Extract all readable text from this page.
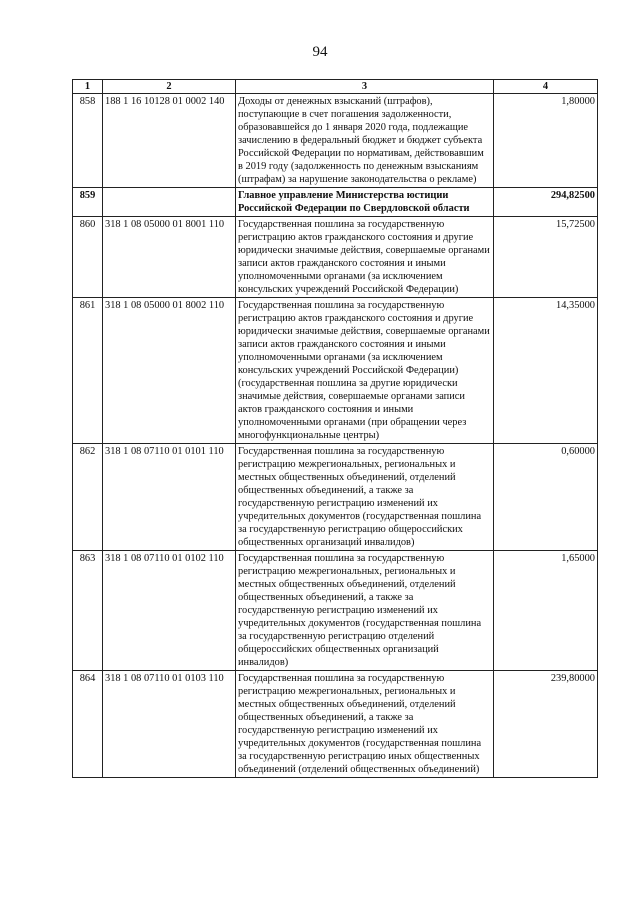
94
1	2	3	4
858	188 1 16 10128 01 0002 140	Доходы от денежных взысканий (штрафов), поступающие в счет погашения задолженности, образовавшейся до 1 января 2020 года, подлежащие зачислению в федеральный бюджет и бюджет субъекта Российской Федерации по нормативам, действовавшим в 2019 году (задолженность по денежным взысканиям (штрафам) за нарушение законодательства о рекламе)	1,80000
859		Главное управление Министерства юстиции Российской Федерации по Свердловской области	294,82500
860	318 1 08 05000 01 8001 110	Государственная пошлина за государственную регистрацию актов гражданского состояния и другие юридически значимые действия, совершаемые органами записи актов гражданского состояния и иными уполномоченными органами (за исключением консульских учреждений Российской Федерации)	15,72500
861	318 1 08 05000 01 8002 110	Государственная пошлина за государственную регистрацию актов гражданского состояния и другие юридически значимые действия, совершаемые органами записи актов гражданского состояния и иными уполномоченными органами (за исключением консульских учреждений Российской Федерации) (государственная пошлина за другие юридически значимые действия, совершаемые органами записи актов гражданского состояния и иными уполномоченными органами (при обращении через многофункциональные центры)	14,35000
862	318 1 08 07110 01 0101 110	Государственная пошлина за государственную регистрацию межрегиональных, региональных и местных общественных объединений, отделений общественных объединений, а также за государственную регистрацию изменений их учредительных документов (государственная пошлина за государственную регистрацию общероссийских общественных организаций инвалидов)	0,60000
863	318 1 08 07110 01 0102 110	Государственная пошлина за государственную регистрацию межрегиональных, региональных и местных общественных объединений, отделений общественных объединений, а также за государственную регистрацию изменений их учредительных документов (государственная пошлина за государственную регистрацию отделений общероссийских общественных организаций инвалидов)	1,65000
864	318 1 08 07110 01 0103 110	Государственная пошлина за государственную регистрацию межрегиональных, региональных и местных общественных объединений, отделений общественных объединений, а также за государственную регистрацию изменений их учредительных документов (государственная пошлина за государственную регистрацию иных общественных объединений (отделений общественных объединений)	239,80000
